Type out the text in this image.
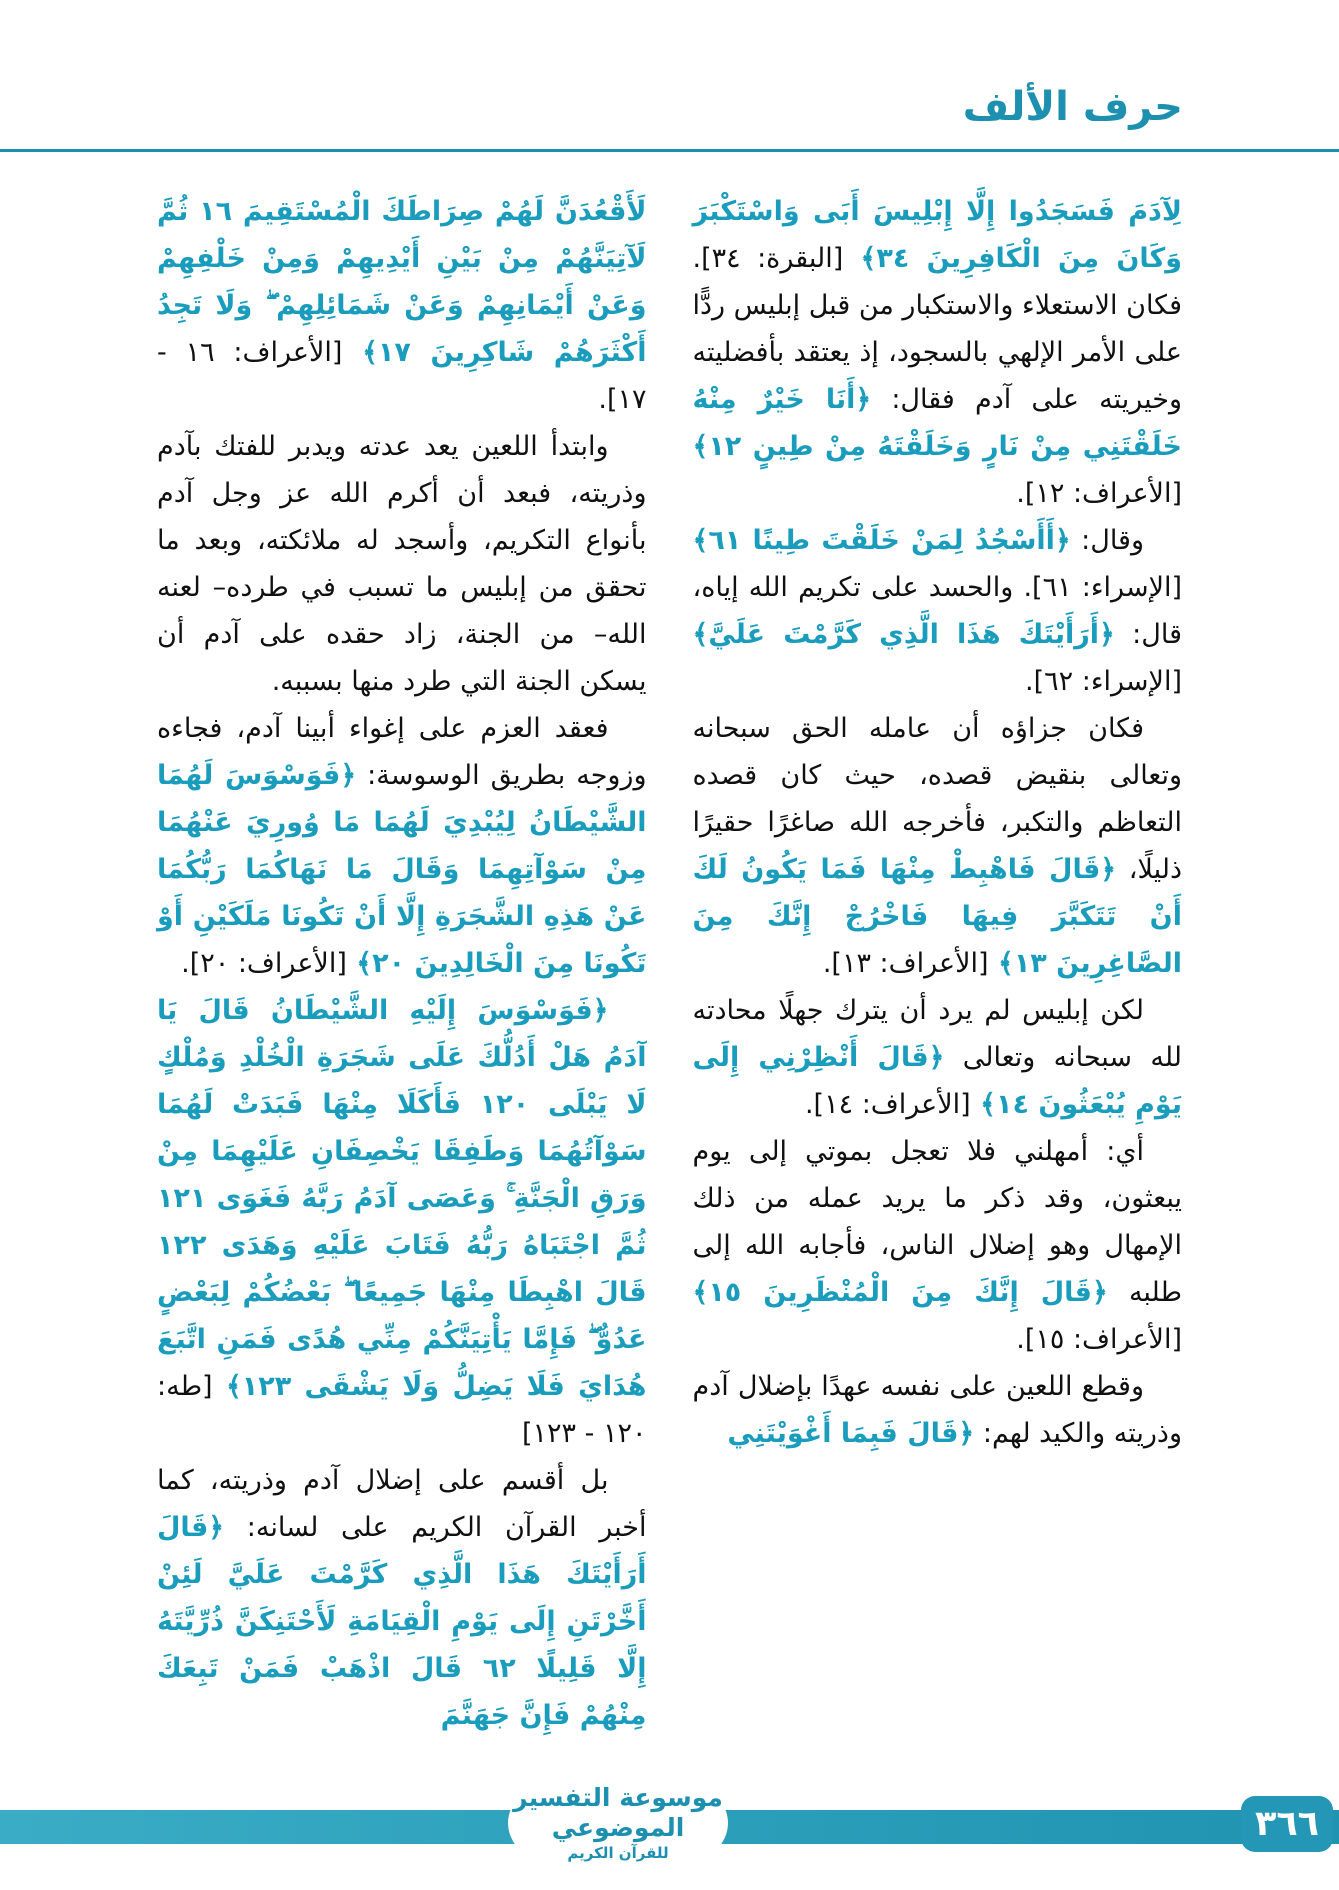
حرف الألف

لِآدَمَ فَسَجَدُوا إِلَّا إِبْلِيسَ أَبَى وَاسْتَكْبَرَ وَكَانَ مِنَ الْكَافِرِينَ ٣٤﴾ [البقرة: ٣٤]. فكان الاستعلاء والاستكبار من قبل إبليس ردًّا على الأمر الإلهي بالسجود، إذ يعتقد بأفضليته وخيريته على آدم فقال: ﴿أَنَا خَيْرٌ مِنْهُ خَلَقْتَنِي مِنْ نَارٍ وَخَلَقْتَهُ مِنْ طِينٍ ١٢﴾ [الأعراف: ١٢].

وقال: ﴿أَأَسْجُدُ لِمَنْ خَلَقْتَ طِينًا ٦١﴾ [الإسراء: ٦١]. والحسد على تكريم الله إياه، قال: ﴿أَرَأَيْتَكَ هَذَا الَّذِي كَرَّمْتَ عَلَيَّ﴾ [الإسراء: ٦٢].

فكان جزاؤه أن عامله الحق سبحانه وتعالى بنقيض قصده، حيث كان قصده التعاظم والتكبر، فأخرجه الله صاغرًا حقيرًا ذليلًا، ﴿قَالَ فَاهْبِطْ مِنْهَا فَمَا يَكُونُ لَكَ أَنْ تَتَكَبَّرَ فِيهَا فَاخْرُجْ إِنَّكَ مِنَ الصَّاغِرِينَ ١٣﴾ [الأعراف: ١٣].

لكن إبليس لم يرد أن يترك جهلًا محادته لله سبحانه وتعالى ﴿قَالَ أَنْظِرْنِي إِلَى يَوْمِ يُبْعَثُونَ ١٤﴾ [الأعراف: ١٤].

أي: أمهلني فلا تعجل بموتي إلى يوم يبعثون، وقد ذكر ما يريد عمله من ذلك الإمهال وهو إضلال الناس، فأجابه الله إلى طلبه ﴿قَالَ إِنَّكَ مِنَ الْمُنْظَرِينَ ١٥﴾ [الأعراف: ١٥].

وقطع اللعين على نفسه عهدًا بإضلال آدم وذريته والكيد لهم: ﴿قَالَ فَبِمَا أَغْوَيْتَنِي

لَأَقْعُدَنَّ لَهُمْ صِرَاطَكَ الْمُسْتَقِيمَ ١٦ ثُمَّ لَآتِيَنَّهُمْ مِنْ بَيْنِ أَيْدِيهِمْ وَمِنْ خَلْفِهِمْ وَعَنْ أَيْمَانِهِمْ وَعَنْ شَمَائِلِهِمْ ۖ وَلَا تَجِدُ أَكْثَرَهُمْ شَاكِرِينَ ١٧﴾ [الأعراف: ١٦ - ١٧].

وابتدأ اللعين يعد عدته ويدبر للفتك بآدم وذريته، فبعد أن أكرم الله عز وجل آدم بأنواع التكريم، وأسجد له ملائكته، وبعد ما تحقق من إبليس ما تسبب في طرده– لعنه الله– من الجنة، زاد حقده على آدم أن يسكن الجنة التي طرد منها بسببه.

فعقد العزم على إغواء أبينا آدم، فجاءه وزوجه بطريق الوسوسة: ﴿فَوَسْوَسَ لَهُمَا الشَّيْطَانُ لِيُبْدِيَ لَهُمَا مَا وُورِيَ عَنْهُمَا مِنْ سَوْآتِهِمَا وَقَالَ مَا نَهَاكُمَا رَبُّكُمَا عَنْ هَذِهِ الشَّجَرَةِ إِلَّا أَنْ تَكُونَا مَلَكَيْنِ أَوْ تَكُونَا مِنَ الْخَالِدِينَ ٢٠﴾ [الأعراف: ٢٠].

﴿فَوَسْوَسَ إِلَيْهِ الشَّيْطَانُ قَالَ يَا آدَمُ هَلْ أَدُلُّكَ عَلَى شَجَرَةِ الْخُلْدِ وَمُلْكٍ لَا يَبْلَى ١٢٠ فَأَكَلَا مِنْهَا فَبَدَتْ لَهُمَا سَوْآتُهُمَا وَطَفِقَا يَخْصِفَانِ عَلَيْهِمَا مِنْ وَرَقِ الْجَنَّةِ ۚ وَعَصَى آدَمُ رَبَّهُ فَغَوَى ١٢١ ثُمَّ اجْتَبَاهُ رَبُّهُ فَتَابَ عَلَيْهِ وَهَدَى ١٢٢ قَالَ اهْبِطَا مِنْهَا جَمِيعًا ۖ بَعْضُكُمْ لِبَعْضٍ عَدُوٌّ ۖ فَإِمَّا يَأْتِيَنَّكُمْ مِنِّي هُدًى فَمَنِ اتَّبَعَ هُدَايَ فَلَا يَضِلُّ وَلَا يَشْقَى ١٢٣﴾ [طه: ١٢٠ - ١٢٣]

بل أقسم على إضلال آدم وذريته، كما أخبر القرآن الكريم على لسانه: ﴿قَالَ أَرَأَيْتَكَ هَذَا الَّذِي كَرَّمْتَ عَلَيَّ لَئِنْ أَخَّرْتَنِ إِلَى يَوْمِ الْقِيَامَةِ لَأَحْتَنِكَنَّ ذُرِّيَّتَهُ إِلَّا قَلِيلًا ٦٢ قَالَ اذْهَبْ فَمَنْ تَبِعَكَ مِنْهُمْ فَإِنَّ جَهَنَّمَ

موسوعة التفسير الموضوعي
للقرآن الكريم
٣٦٦
